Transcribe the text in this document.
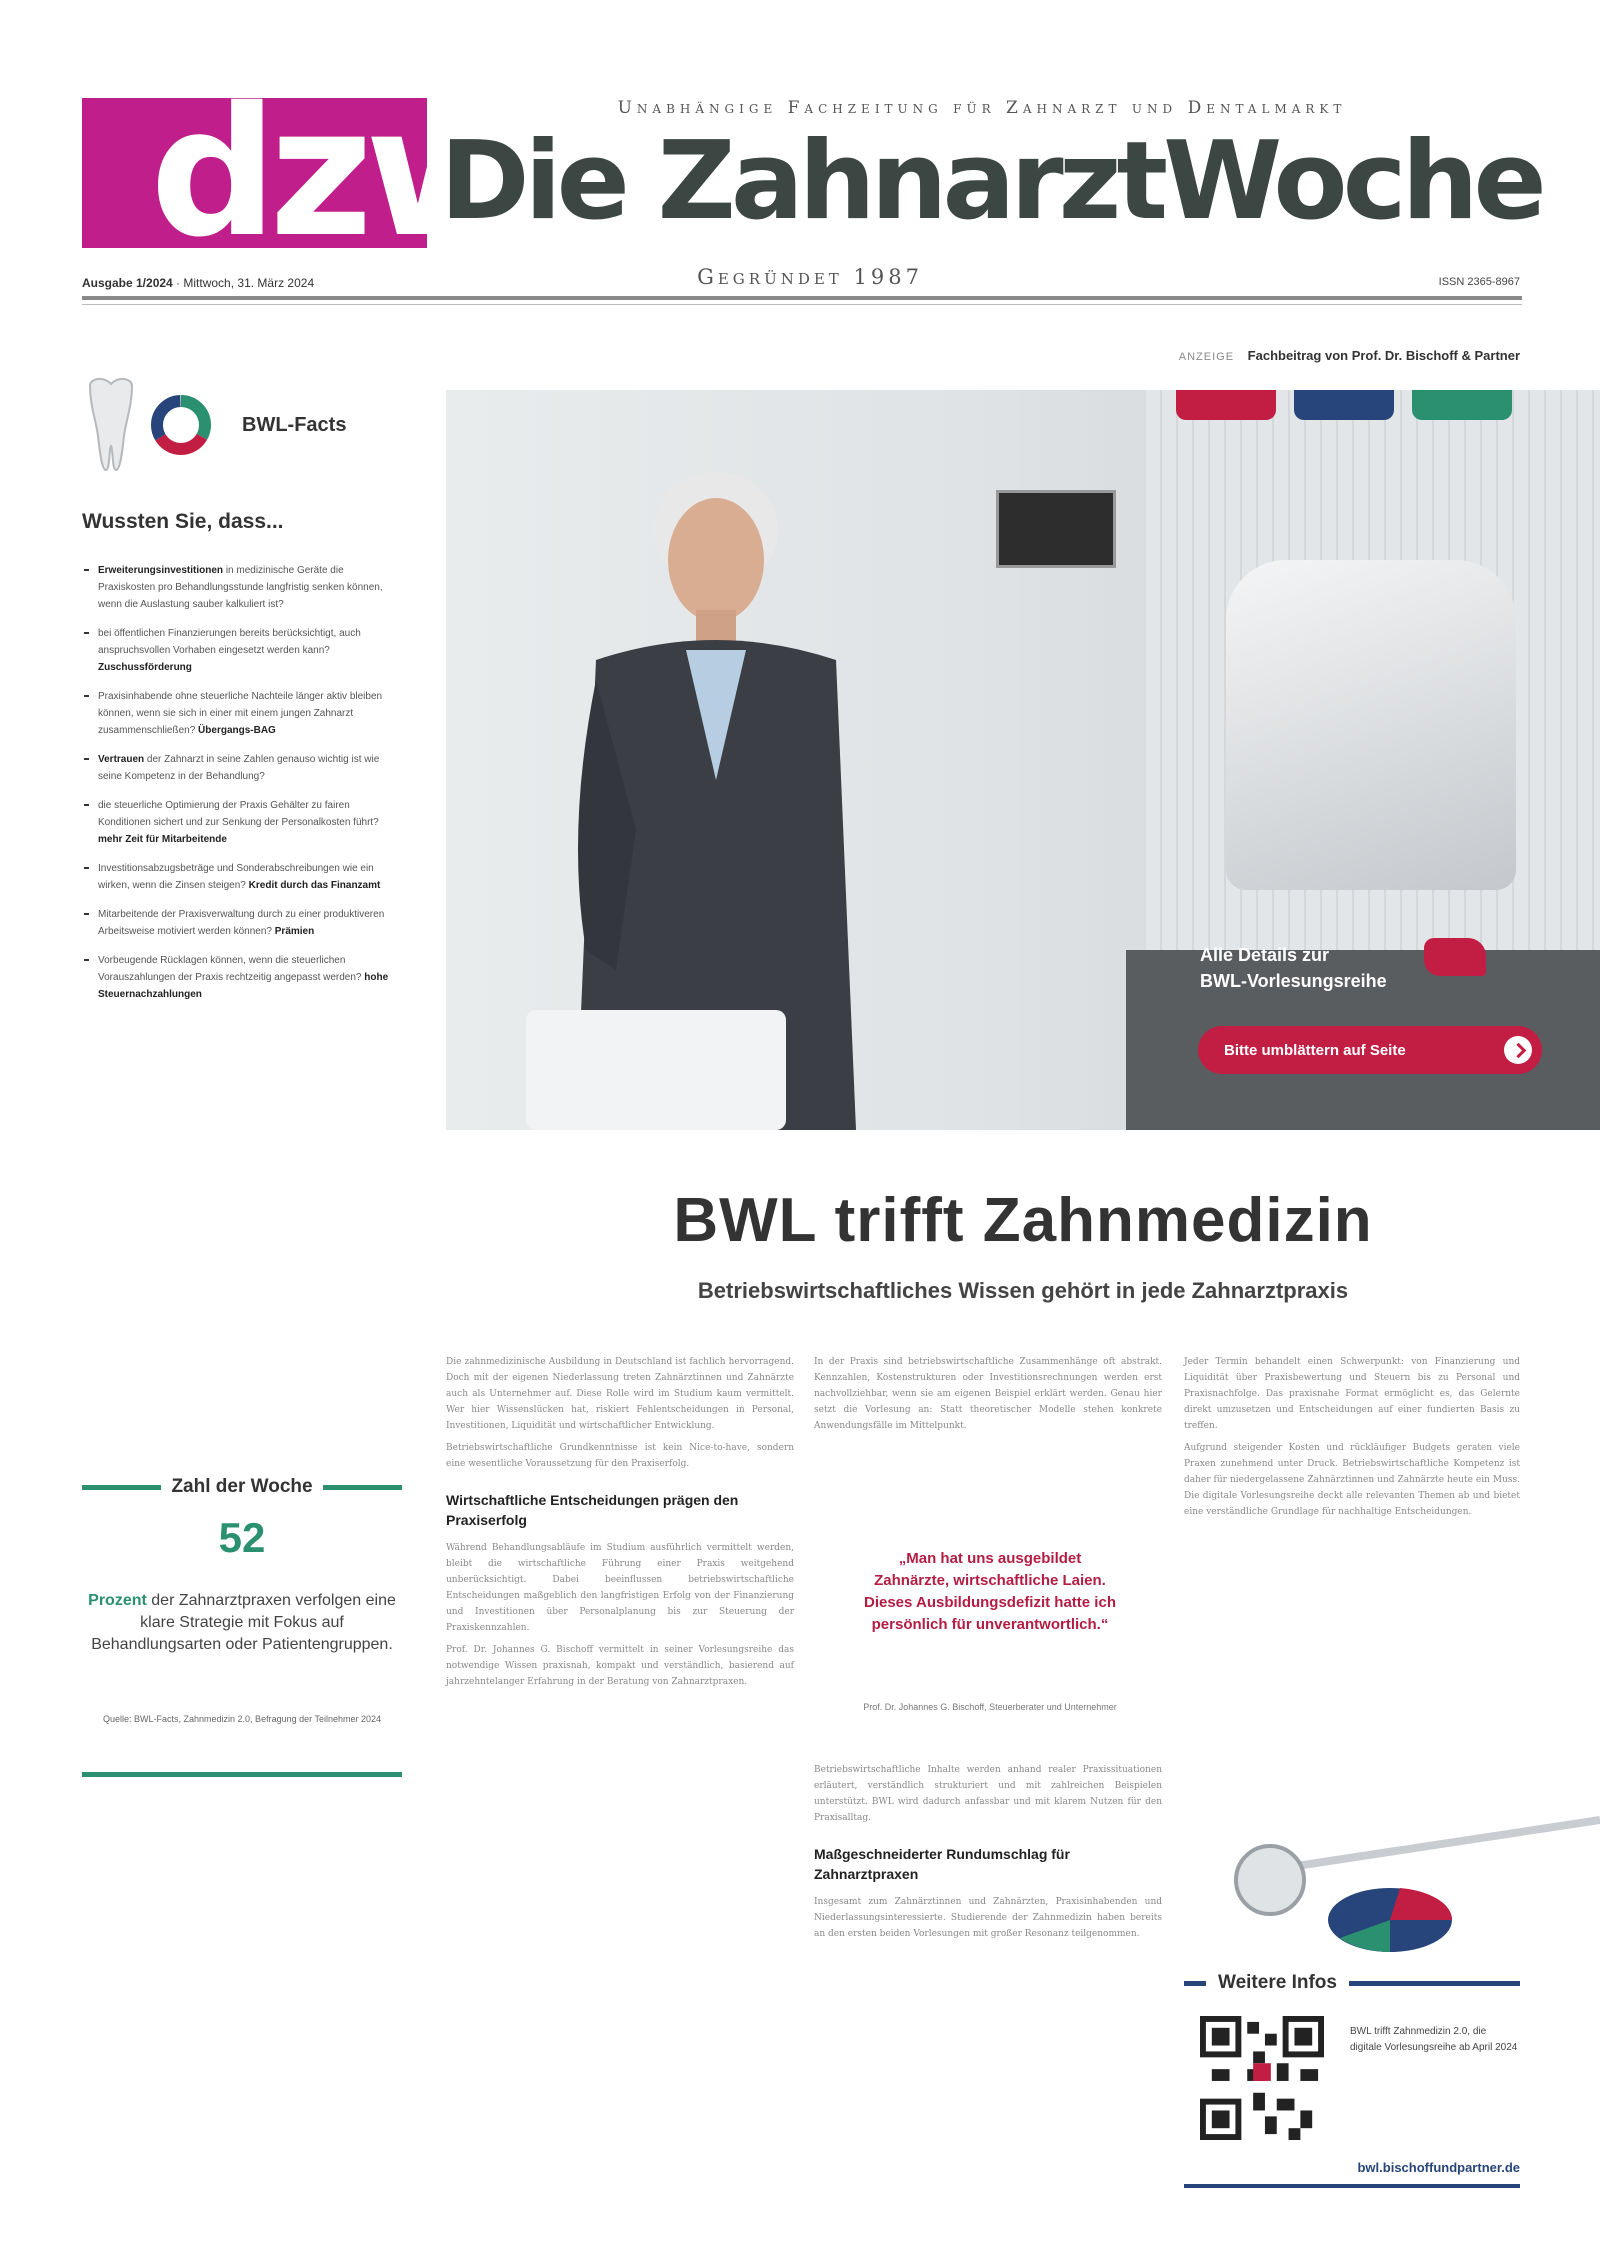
dzw	Unabhängige Fachzeitung für Zahnarzt und Dentalmarkt
Die ZahnarztWoche
Ausgabe 1/2024 · Mittwoch, 31. März 2024	Gegründet 1987	ISSN 2365-8967
ANZEIGE Fachbeitrag von Prof. Dr. Bischoff & Partner
BWL-Facts
Wussten Sie, dass...
Erweiterungsinvestitionen in medizinische Geräte die Praxiskosten pro Behandlungsstunde langfristig senken können, wenn die Auslastung sauber kalkuliert ist?
bei öffentlichen Finanzierungen bereits berücksichtigt, auch anspruchsvollen Vorhaben eingesetzt werden kann? Zuschussförderung
Praxisinhabende ohne steuerliche Nachteile länger aktiv bleiben können, wenn sie sich in einer mit einem jungen Zahnarzt zusammenschließen? Übergangs-BAG
Vertrauen der Zahnarzt in seine Zahlen genauso wichtig ist wie seine Kompetenz in der Behandlung?
die steuerliche Optimierung der Praxis Gehälter zu fairen Konditionen sichert und zur Senkung der Personalkosten führt? mehr Zeit für Mitarbeitende
Investitionsabzugsbeträge und Sonderabschreibungen wie ein wirken, wenn die Zinsen steigen? Kredit durch das Finanzamt
Mitarbeitende der Praxisverwaltung durch zu einer produktiveren Arbeitsweise motiviert werden können? Prämien
Vorbeugende Rücklagen können, wenn die steuerlichen Vorauszahlungen der Praxis rechtzeitig angepasst werden? hohe Steuernachzahlungen
Zahl der Woche
52
Prozent der Zahnarztpraxen verfolgen eine klare Strategie mit Fokus auf Behandlungsarten oder Patientengruppen.
Quelle: BWL-Facts, Zahnmedizin 2.0, Befragung der Teilnehmer 2024
Alle Details zur
BWL-Vorlesungsreihe
Bitte umblättern auf Seite
BWL trifft Zahnmedizin
Betriebswirtschaftliches Wissen gehört in jede Zahnarztpraxis

Die zahnmedizinische Ausbildung in Deutschland ist fachlich hervorragend. Doch mit der eigenen Niederlassung treten Zahnärztinnen und Zahnärzte auch als Unternehmer auf. Diese Rolle wird im Studium kaum vermittelt. Wer hier Wissenslücken hat, riskiert Fehlentscheidungen in Personal, Investitionen, Liquidität und wirtschaftlicher Entwicklung.

Betriebswirtschaftliche Grundkenntnisse ist kein Nice-to-have, sondern eine wesentliche Voraussetzung für den Praxiserfolg.

Wirtschaftliche Entscheidungen prägen den Praxiserfolg

Während Behandlungsabläufe im Studium ausführlich vermittelt werden, bleibt die wirtschaftliche Führung einer Praxis weitgehend unberücksichtigt. Dabei beeinflussen betriebswirtschaftliche Entscheidungen maßgeblich den langfristigen Erfolg von der Finanzierung und Investitionen über Personalplanung bis zur Steuerung der Praxiskennzahlen.

Prof. Dr. Johannes G. Bischoff vermittelt in seiner Vorlesungsreihe das notwendige Wissen praxisnah, kompakt und verständlich, basierend auf jahrzehntelanger Erfahrung in der Beratung von Zahnarztpraxen.

In der Praxis sind betriebswirtschaftliche Zusammenhänge oft abstrakt. Kennzahlen, Kostenstrukturen oder Investitionsrechnungen werden erst nachvollziehbar, wenn sie am eigenen Beispiel erklärt werden. Genau hier setzt die Vorlesung an: Statt theoretischer Modelle stehen konkrete Anwendungsfälle im Mittelpunkt.

„Man hat uns ausgebildet Zahnärzte, wirtschaftliche Laien. Dieses Ausbildungsdefizit hatte ich persönlich für unverantwortlich.“
Prof. Dr. Johannes G. Bischoff, Steuerberater und Unternehmer

Betriebswirtschaftliche Inhalte werden anhand realer Praxissituationen erläutert, verständlich strukturiert und mit zahlreichen Beispielen unterstützt. BWL wird dadurch anfassbar und mit klarem Nutzen für den Praxisalltag.

Maßgeschneiderter Rundumschlag für Zahnarztpraxen

Insgesamt zum Zahnärztinnen und Zahnärzten, Praxisinhabenden und Niederlassungsinteressierte. Studierende der Zahnmedizin haben bereits an den ersten beiden Vorlesungen mit großer Resonanz teilgenommen.

Jeder Termin behandelt einen Schwerpunkt: von Finanzierung und Liquidität über Praxisbewertung und Steuern bis zu Personal und Praxisnachfolge. Das praxisnahe Format ermöglicht es, das Gelernte direkt umzusetzen und Entscheidungen auf einer fundierten Basis zu treffen.

Aufgrund steigender Kosten und rückläufiger Budgets geraten viele Praxen zunehmend unter Druck. Betriebswirtschaftliche Kompetenz ist daher für niedergelassene Zahnärztinnen und Zahnärzte heute ein Muss. Die digitale Vorlesungsreihe deckt alle relevanten Themen ab und bietet eine verständliche Grundlage für nachhaltige Entscheidungen.

Weitere Infos
BWL trifft Zahnmedizin 2.0, die digitale Vorlesungsreihe ab April 2024
bwl.bischoffundpartner.de
